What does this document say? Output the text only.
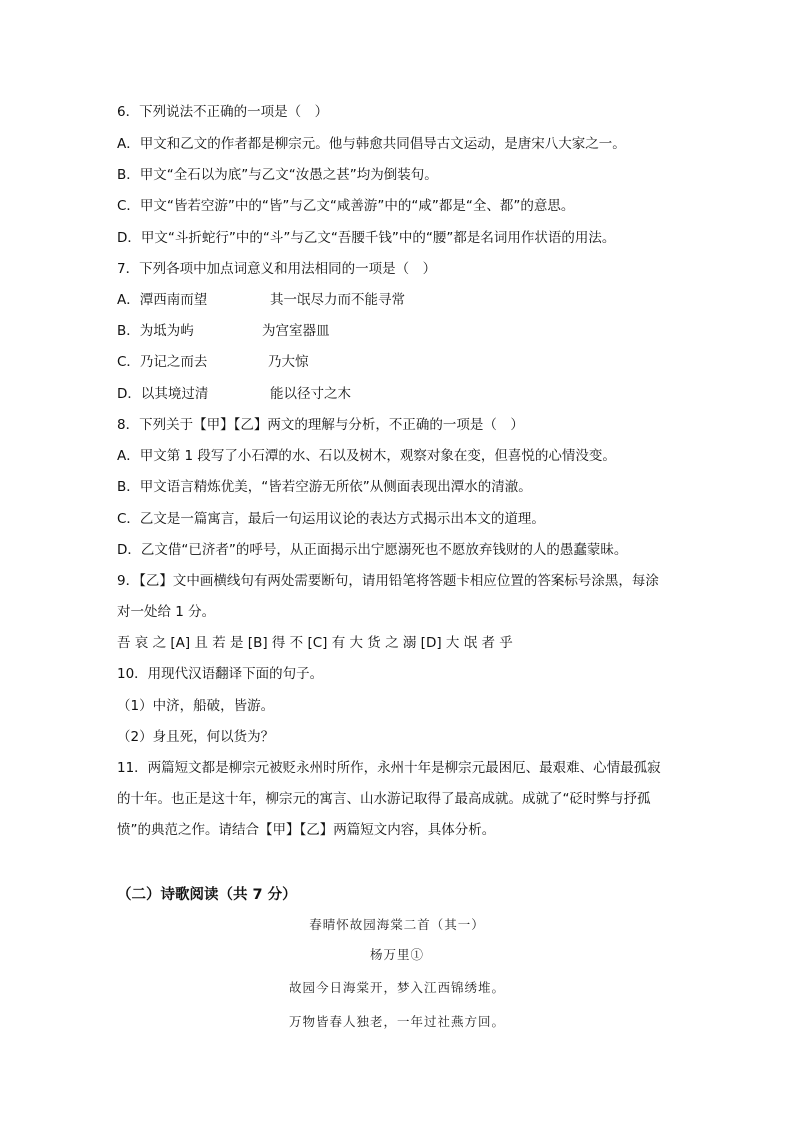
6．下列说法不正确的一项是（　）
A．甲文和乙文的作者都是柳宗元。他与韩愈共同倡导古文运动，是唐宋八大家之一。
B．甲文“全石以为底”与乙文“汝愚之甚”均为倒装句。
C．甲文“皆若空游”中的“皆”与乙文“咸善游”中的“咸”都是“全、都”的意思。
D．甲文“斗折蛇行”中的“斗”与乙文“吾腰千钱”中的“腰”都是名词用作状语的用法。
7．下列各项中加点词意义和用法相同的一项是（　）
A．潭西南而望	其一氓尽力而不能寻常
B．为坻为屿	为宫室器皿
C．乃记之而去	乃大惊
D．以其境过清	能以径寸之木
8．下列关于【甲】【乙】两文的理解与分析，不正确的一项是（　）
A．甲文第 1 段写了小石潭的水、石以及树木，观察对象在变，但喜悦的心情没变。
B．甲文语言精炼优美，“皆若空游无所依”从侧面表现出潭水的清澈。
C．乙文是一篇寓言，最后一句运用议论的表达方式揭示出本文的道理。
D．乙文借“已济者”的呼号，从正面揭示出宁愿溺死也不愿放弃钱财的人的愚蠢蒙昧。
9．【乙】文中画横线句有两处需要断句，请用铅笔将答题卡相应位置的答案标号涂黑，每涂
对一处给 1 分。
吾 哀 之 [A] 且 若 是 [B] 得 不 [C] 有 大 货 之 溺 [D] 大 氓 者 乎
10．用现代汉语翻译下面的句子。
（1）中济，船破，皆游。
（2）身且死，何以货为？
11．两篇短文都是柳宗元被贬永州时所作，永州十年是柳宗元最困厄、最艰难、心情最孤寂
的十年。也正是这十年，柳宗元的寓言、山水游记取得了最高成就。成就了“砭时弊与抒孤
愤”的典范之作。请结合【甲】【乙】两篇短文内容，具体分析。
（二）诗歌阅读（共 7 分）
春晴怀故园海棠二首（其一）
杨万里①
故园今日海棠开，梦入江西锦绣堆。
万物皆春人独老，一年过社燕方回。
